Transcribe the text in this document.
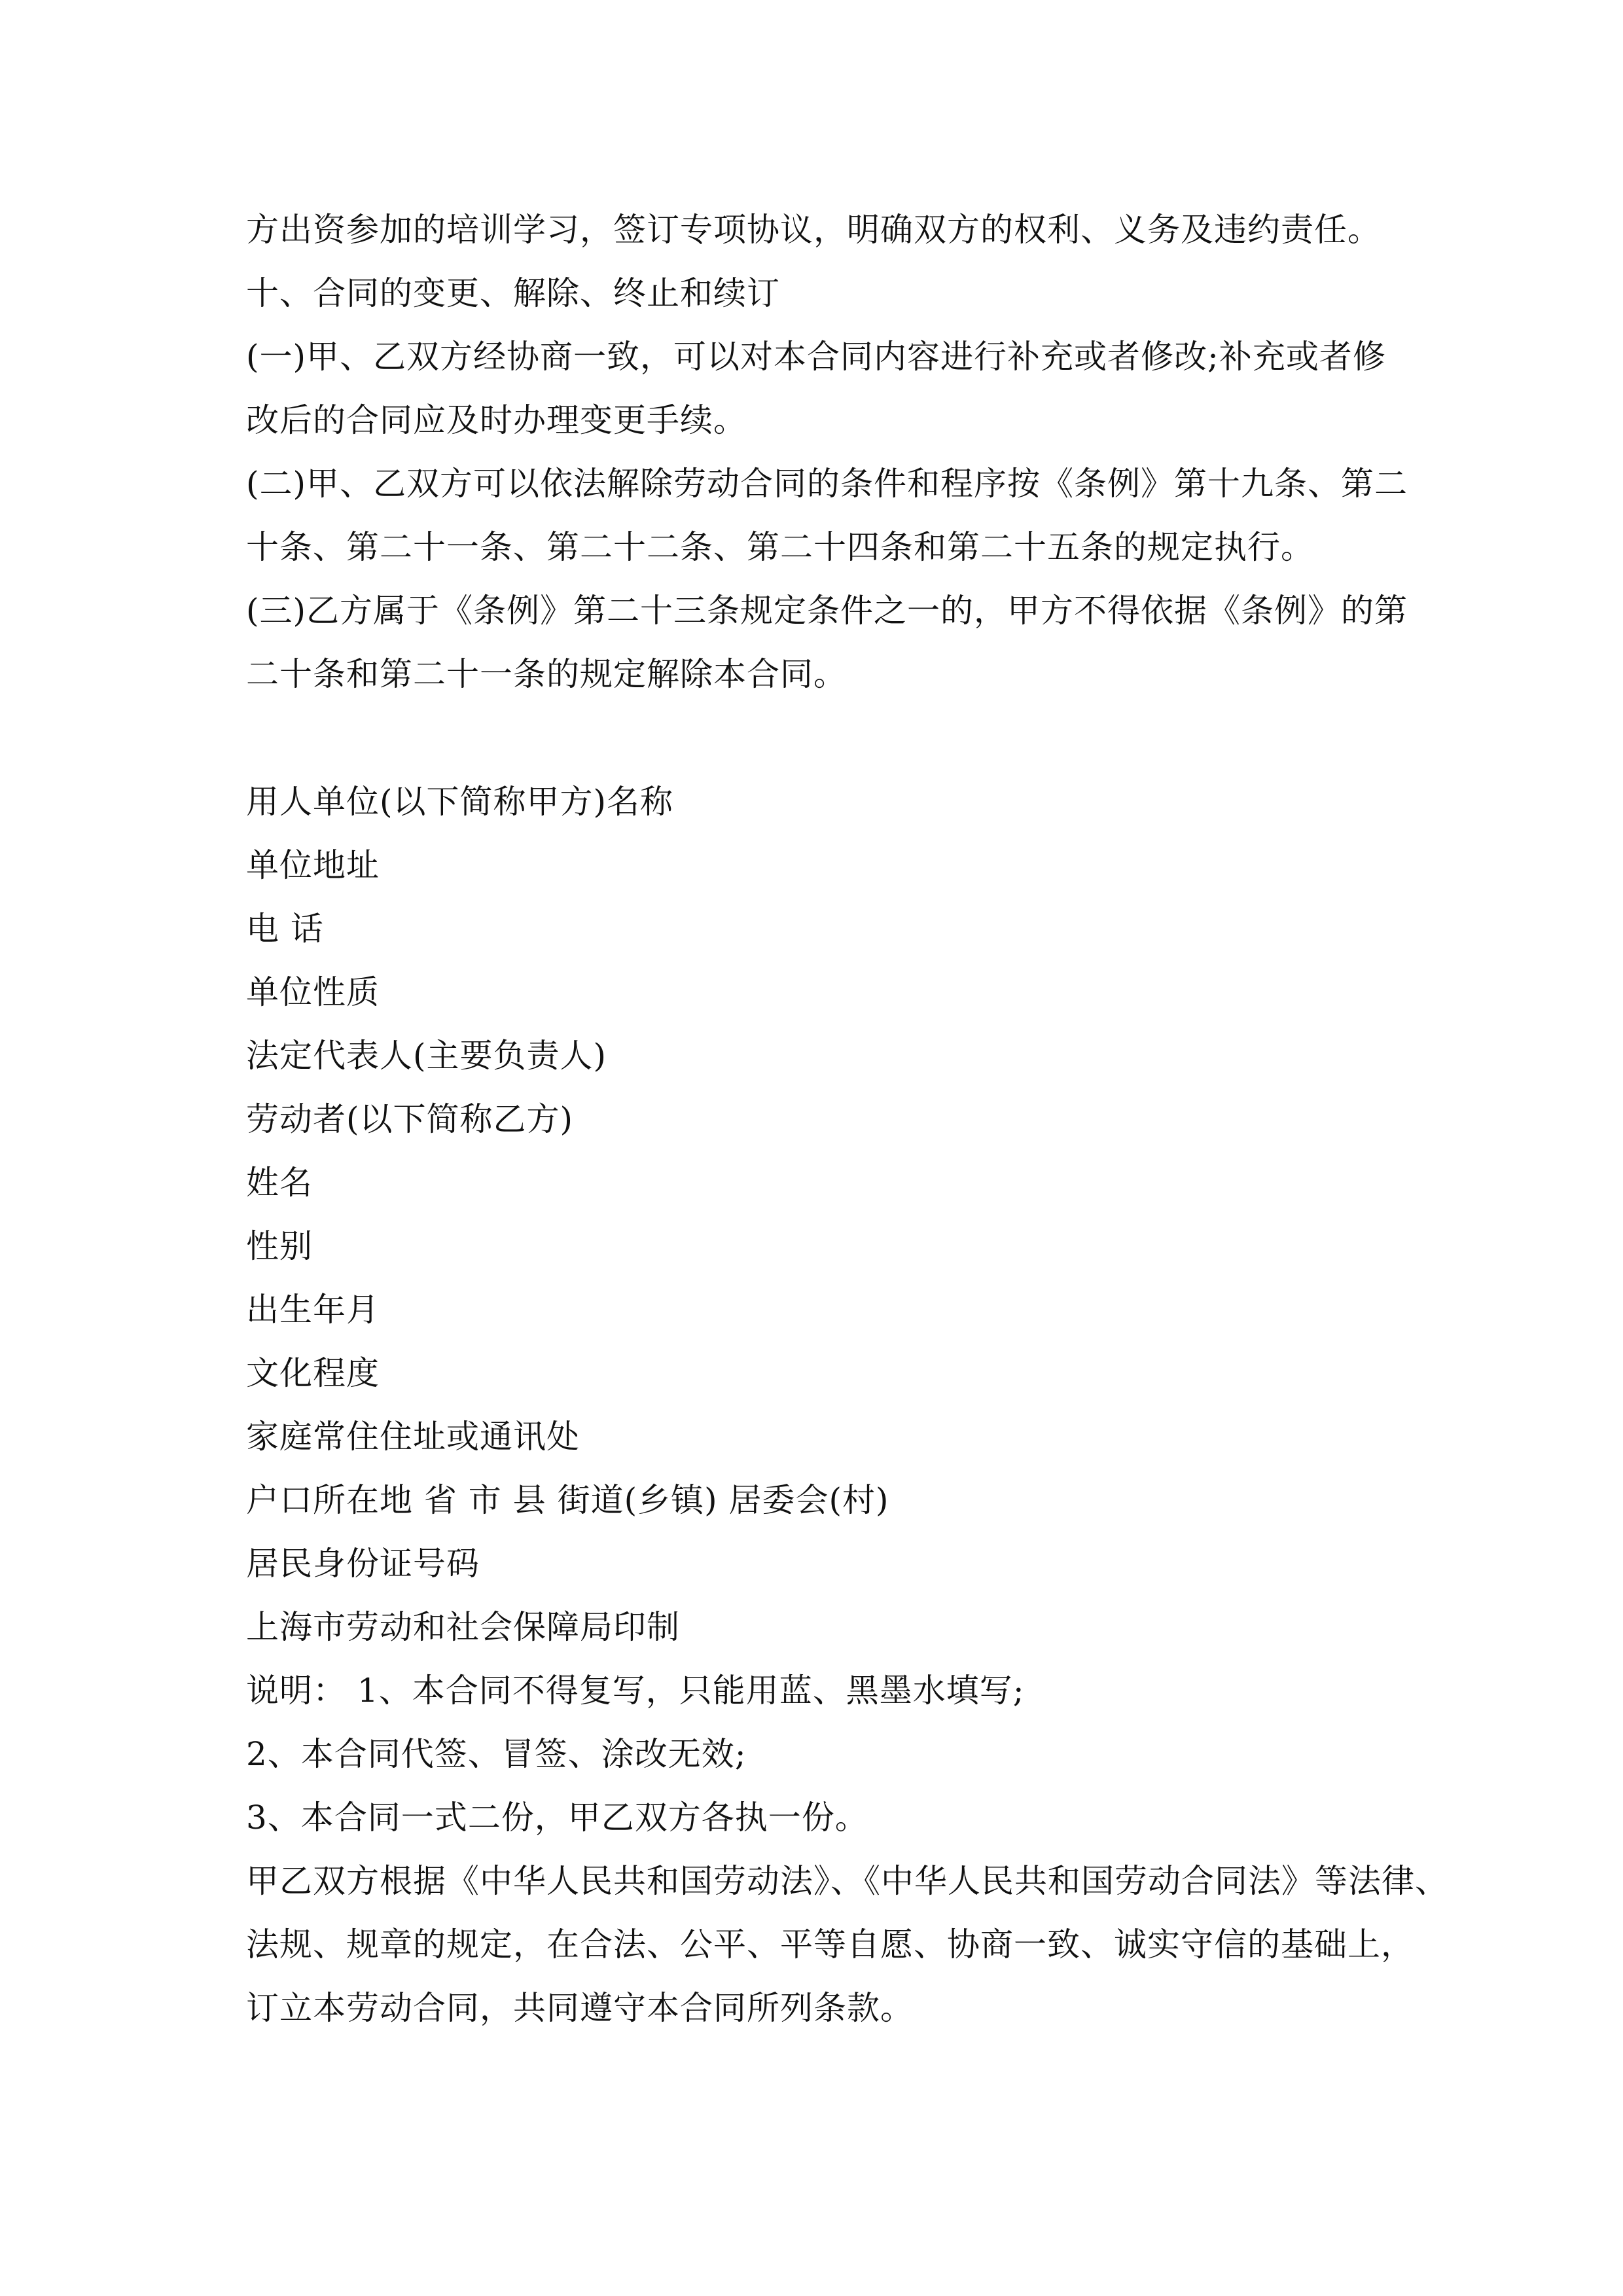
方出资参加的培训学习，签订专项协议，明确双方的权利、义务及违约责任。

十、合同的变更、解除、终止和续订

(一)甲、乙双方经协商一致，可以对本合同内容进行补充或者修改;补充或者修

改后的合同应及时办理变更手续。

(二)甲、乙双方可以依法解除劳动合同的条件和程序按《条例》第十九条、第二

十条、第二十一条、第二十二条、第二十四条和第二十五条的规定执行。

(三)乙方属于《条例》第二十三条规定条件之一的，甲方不得依据《条例》的第

二十条和第二十一条的规定解除本合同。

用人单位(以下简称甲方)名称

单位地址

电 话

单位性质

法定代表人(主要负责人)

劳动者(以下简称乙方)

姓名

性别

出生年月

文化程度

家庭常住住址或通讯处

户口所在地 省 市 县 街道(乡镇) 居委会(村)

居民身份证号码

上海市劳动和社会保障局印制

说明： 1、本合同不得复写，只能用蓝、黑墨水填写;

2、本合同代签、冒签、涂改无效;

3、本合同一式二份，甲乙双方各执一份。

甲乙双方根据《中华人民共和国劳动法》、《中华人民共和国劳动合同法》等法律、

法规、规章的规定，在合法、公平、平等自愿、协商一致、诚实守信的基础上，

订立本劳动合同，共同遵守本合同所列条款。
